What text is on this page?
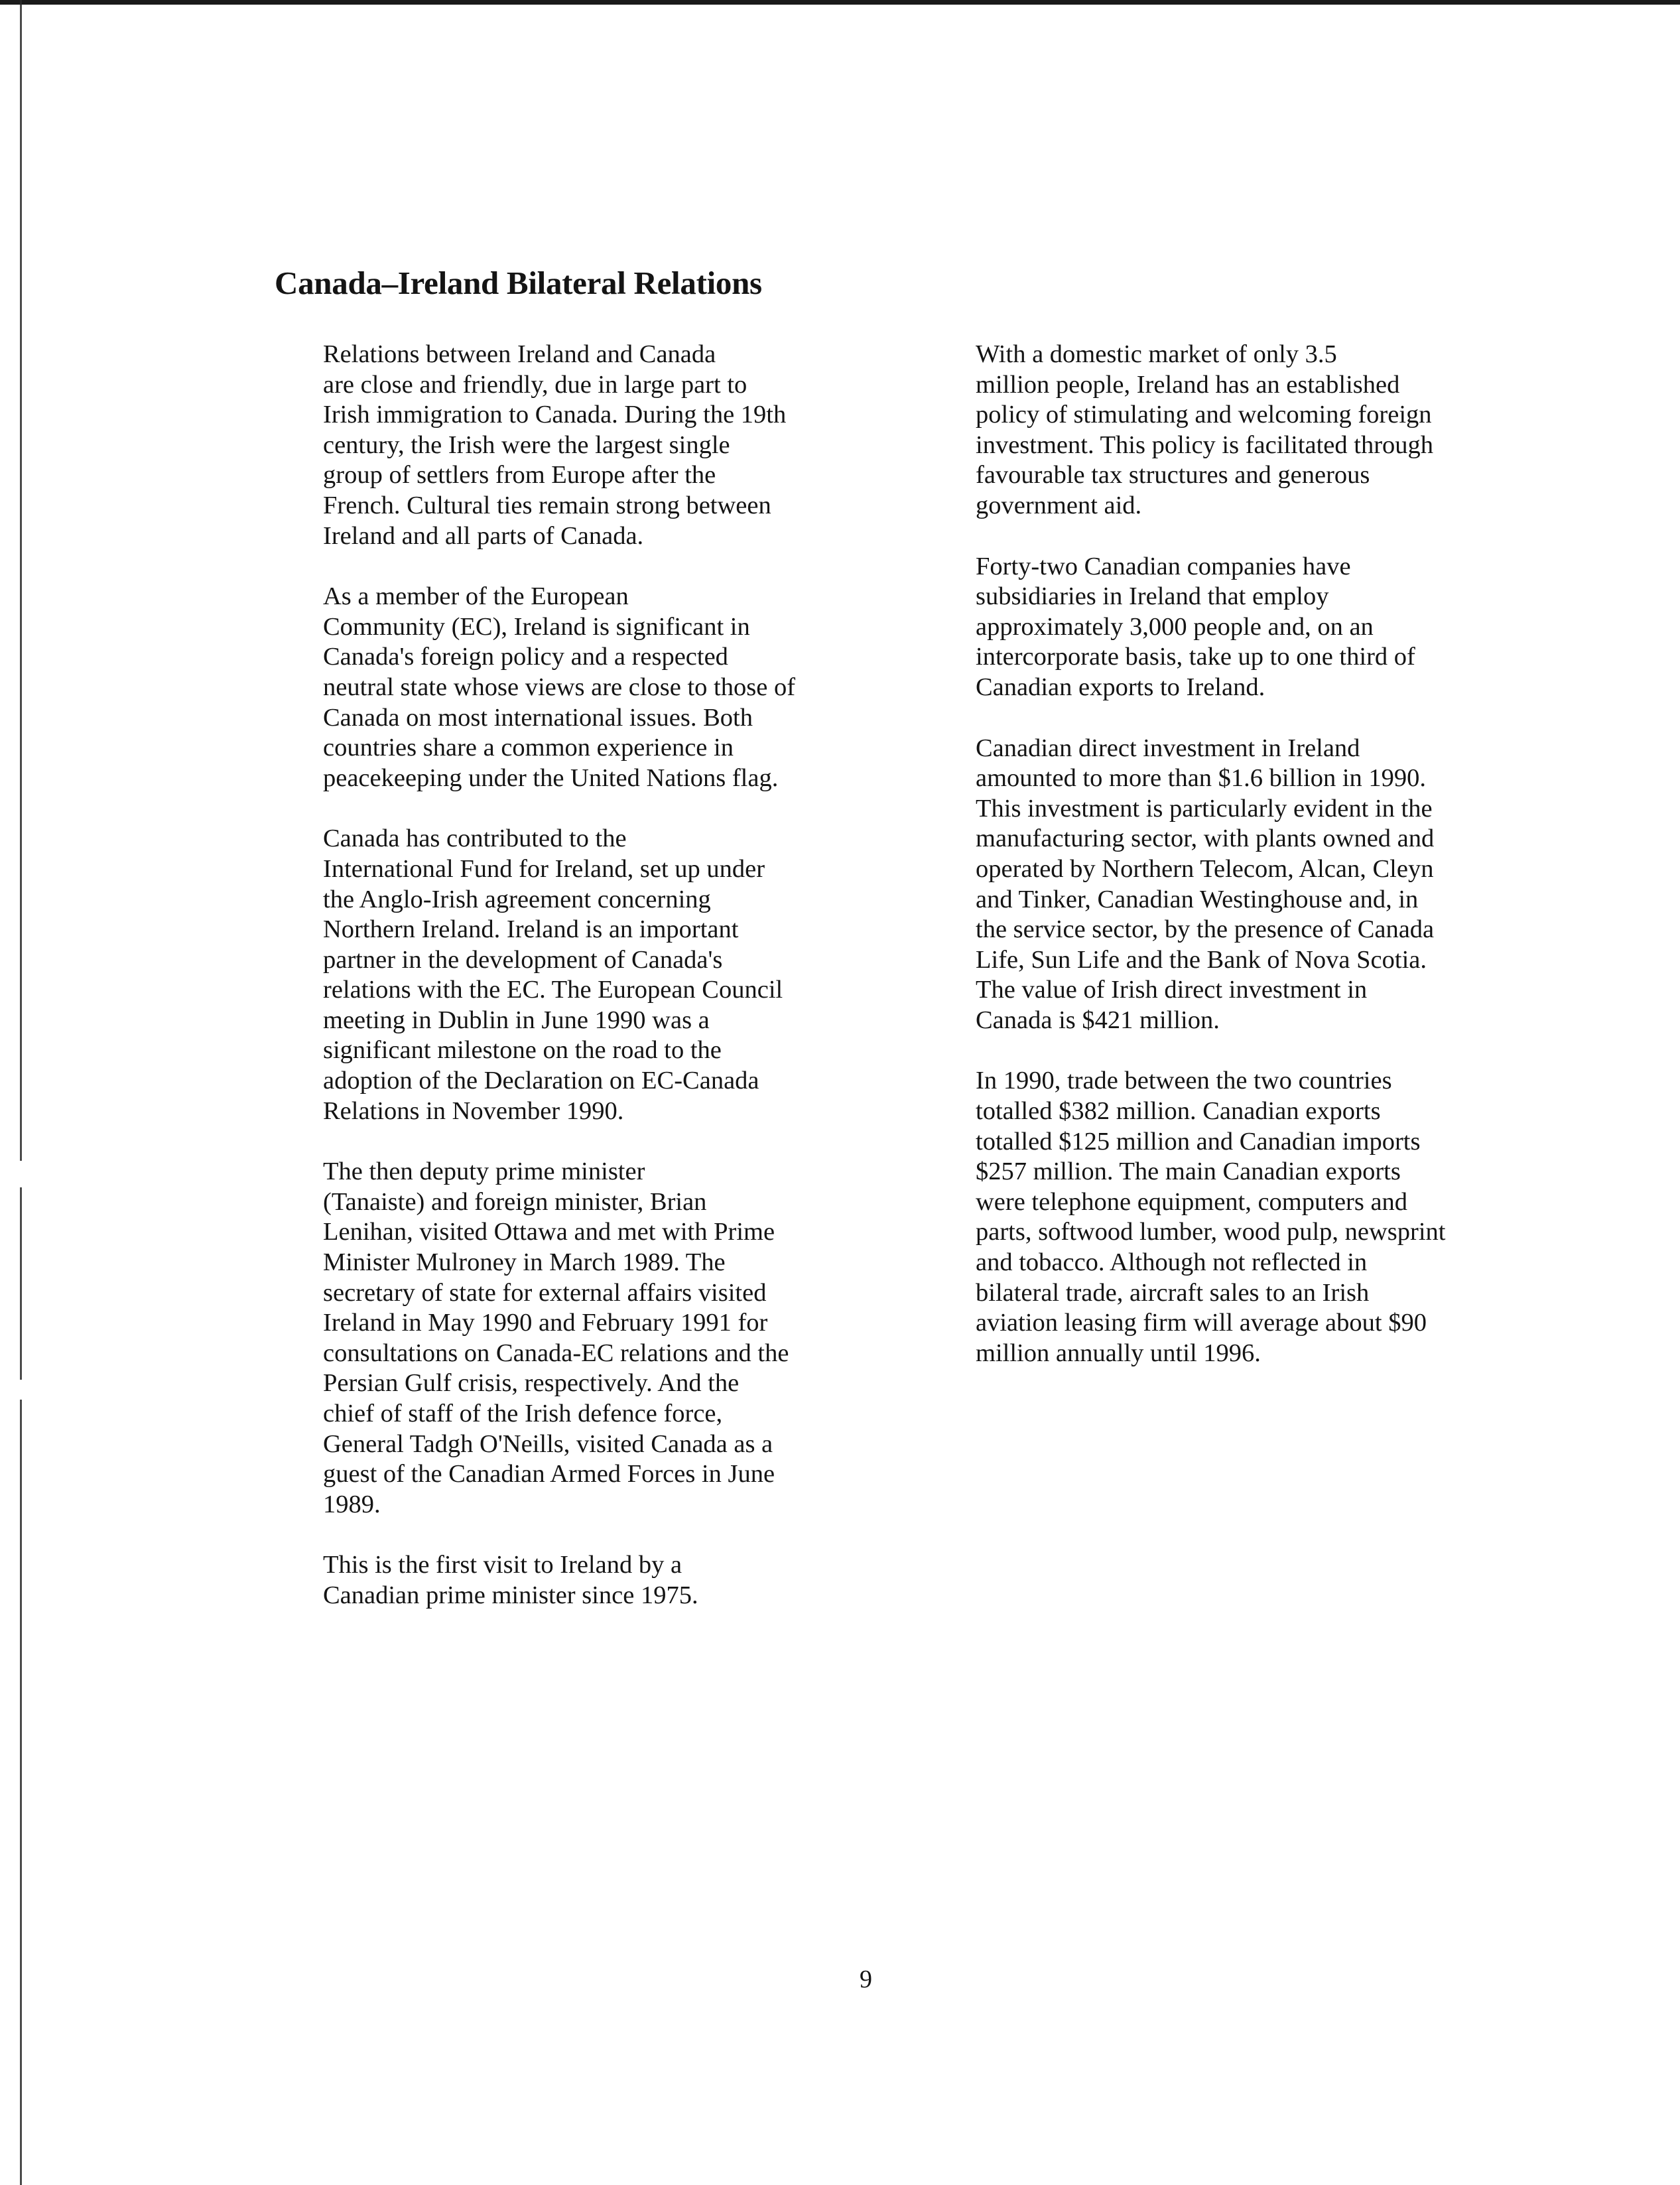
Canada–Ireland Bilateral Relations

Relations between Ireland and Canada
are close and friendly, due in large part to
Irish immigration to Canada. During the 19th
century, the Irish were the largest single
group of settlers from Europe after the
French. Cultural ties remain strong between
Ireland and all parts of Canada.

As a member of the European
Community (EC), Ireland is significant in
Canada's foreign policy and a respected
neutral state whose views are close to those of
Canada on most international issues. Both
countries share a common experience in
peacekeeping under the United Nations flag.

Canada has contributed to the
International Fund for Ireland, set up under
the Anglo-Irish agreement concerning
Northern Ireland. Ireland is an important
partner in the development of Canada's
relations with the EC. The European Council
meeting in Dublin in June 1990 was a
significant milestone on the road to the
adoption of the Declaration on EC-Canada
Relations in November 1990.

The then deputy prime minister
(Tanaiste) and foreign minister, Brian
Lenihan, visited Ottawa and met with Prime
Minister Mulroney in March 1989. The
secretary of state for external affairs visited
Ireland in May 1990 and February 1991 for
consultations on Canada-EC relations and the
Persian Gulf crisis, respectively. And the
chief of staff of the Irish defence force,
General Tadgh O'Neills, visited Canada as a
guest of the Canadian Armed Forces in June
1989.

This is the first visit to Ireland by a
Canadian prime minister since 1975.

With a domestic market of only 3.5
million people, Ireland has an established
policy of stimulating and welcoming foreign
investment. This policy is facilitated through
favourable tax structures and generous
government aid.

Forty-two Canadian companies have
subsidiaries in Ireland that employ
approximately 3,000 people and, on an
intercorporate basis, take up to one third of
Canadian exports to Ireland.

Canadian direct investment in Ireland
amounted to more than $1.6 billion in 1990.
This investment is particularly evident in the
manufacturing sector, with plants owned and
operated by Northern Telecom, Alcan, Cleyn
and Tinker, Canadian Westinghouse and, in
the service sector, by the presence of Canada
Life, Sun Life and the Bank of Nova Scotia.
The value of Irish direct investment in
Canada is $421 million.

In 1990, trade between the two countries
totalled $382 million. Canadian exports
totalled $125 million and Canadian imports
$257 million. The main Canadian exports
were telephone equipment, computers and
parts, softwood lumber, wood pulp, newsprint
and tobacco. Although not reflected in
bilateral trade, aircraft sales to an Irish
aviation leasing firm will average about $90
million annually until 1996.

9
